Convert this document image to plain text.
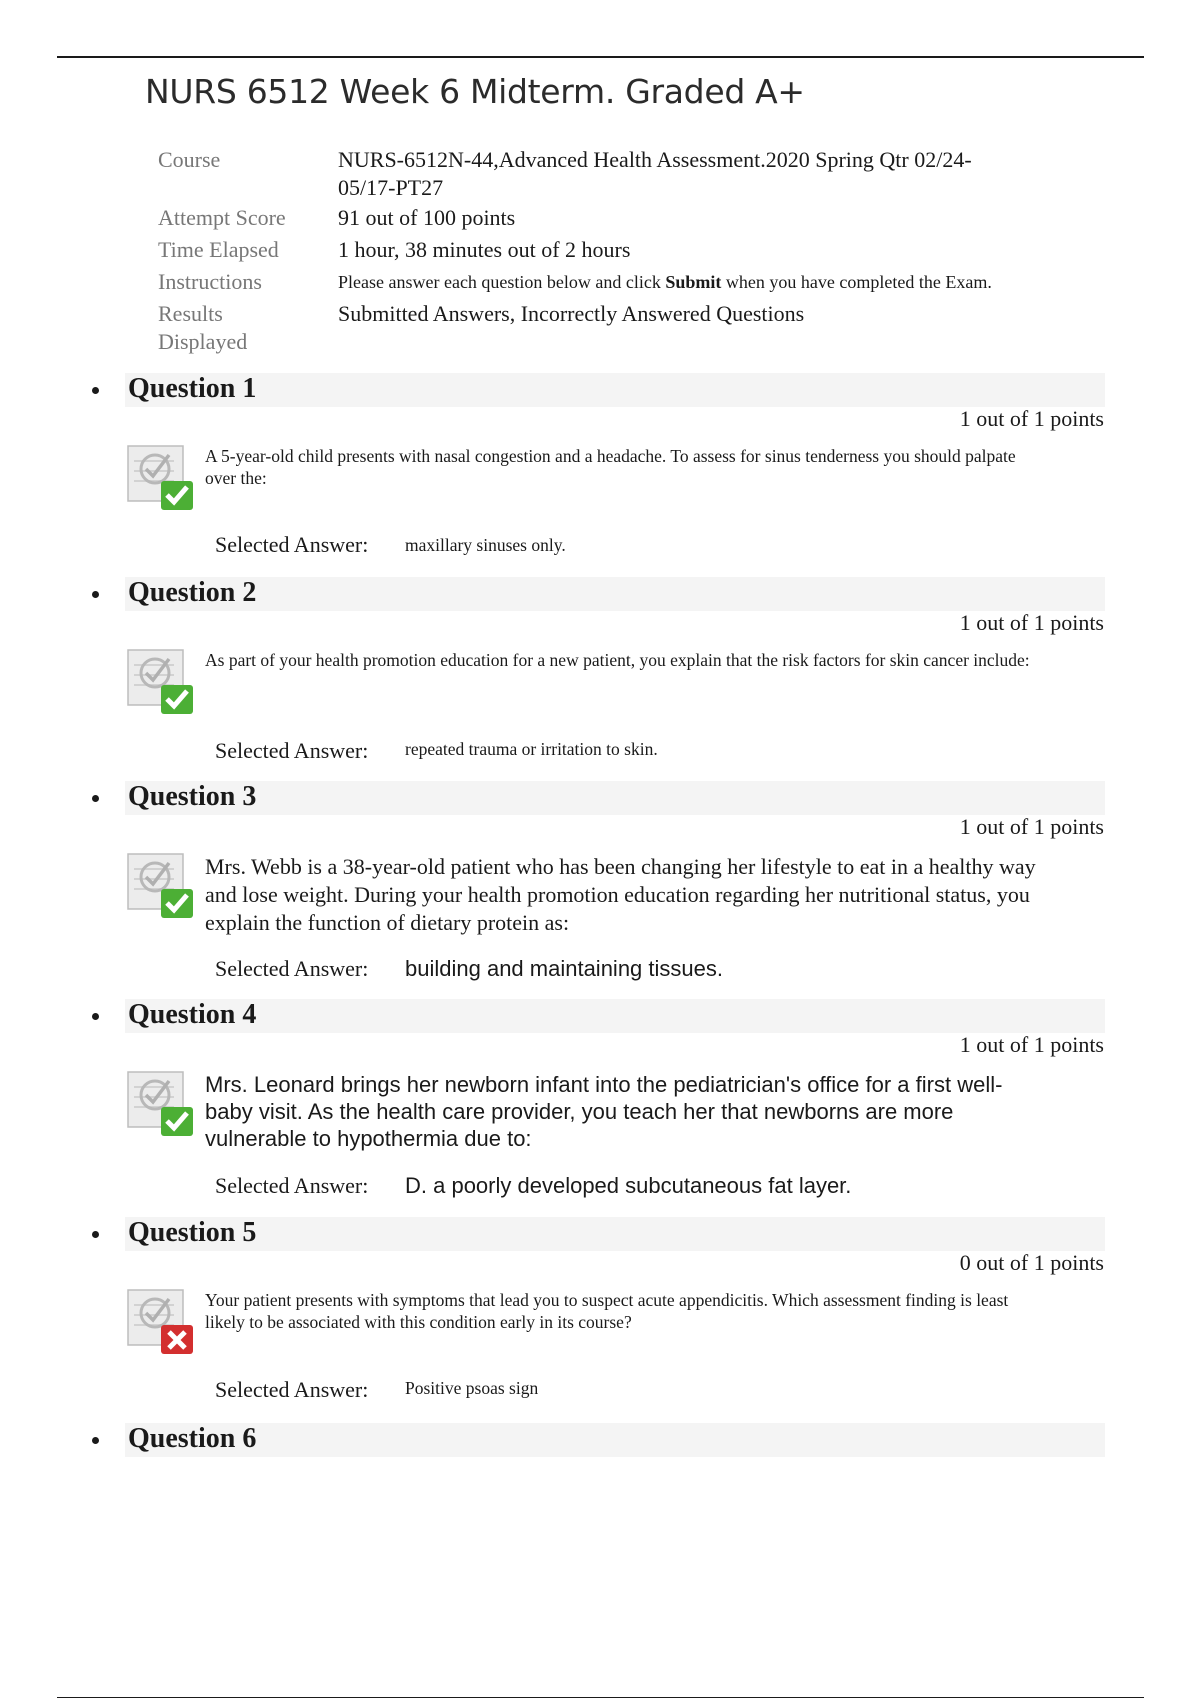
NURS 6512 Week 6 Midterm. Graded A+
Course	NURS-6512N-44,Advanced Health Assessment.2020 Spring Qtr 02/24-05/17-PT27
Attempt Score	91 out of 100 points
Time Elapsed	1 hour, 38 minutes out of 2 hours
Instructions	Please answer each question below and click Submit when you have completed the Exam.
Results Displayed
Submitted Answers, Incorrectly Answered Questions
Question 1
1 out of 1 points

A 5-year-old child presents with nasal congestion and a headache. To assess for sinus tenderness you should palpate over the:

Selected Answer: maxillary sinuses only.
Question 2
1 out of 1 points

As part of your health promotion education for a new patient, you explain that the risk factors for skin cancer include:

Selected Answer: repeated trauma or irritation to skin.
Question 3
1 out of 1 points

Mrs. Webb is a 38-year-old patient who has been changing her lifestyle to eat in a healthy way and lose weight. During your health promotion education regarding her nutritional status, you explain the function of dietary protein as:

Selected Answer: building and maintaining tissues.
Question 4
1 out of 1 points

Mrs. Leonard brings her newborn infant into the pediatrician's office for a first well-baby visit. As the health care provider, you teach her that newborns are more vulnerable to hypothermia due to:

Selected Answer: D. a poorly developed subcutaneous fat layer.
Question 5
0 out of 1 points

Your patient presents with symptoms that lead you to suspect acute appendicitis. Which assessment finding is least likely to be associated with this condition early in its course?

Selected Answer: Positive psoas sign
Question 6
